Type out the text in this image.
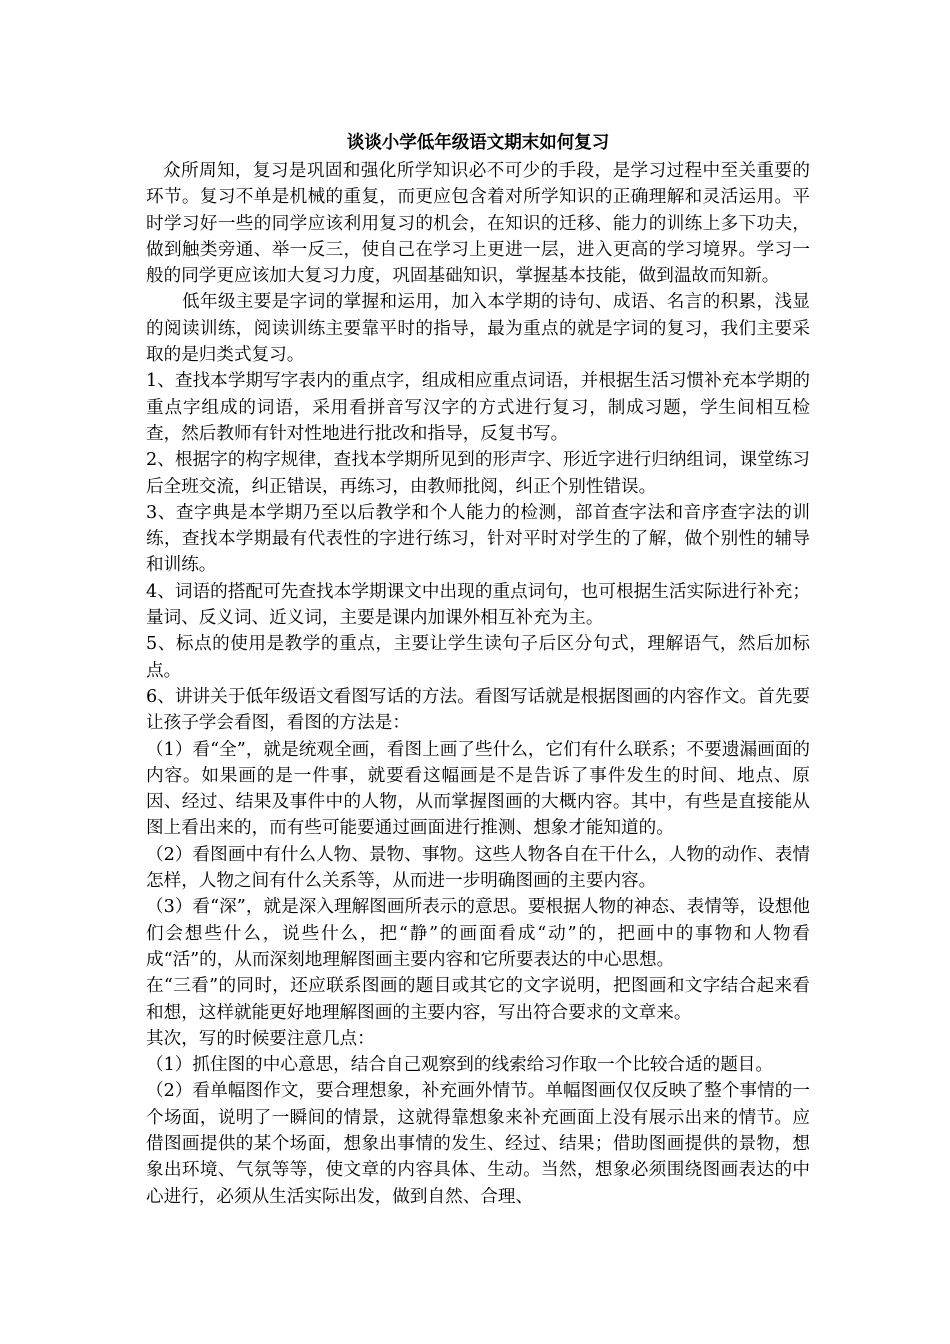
谈谈小学低年级语文期末如何复习

众所周知，复习是巩固和强化所学知识必不可少的手段，是学习过程中至关重要的环节。复习不单是机械的重复，而更应包含着对所学知识的正确理解和灵活运用。平时学习好一些的同学应该利用复习的机会，在知识的迁移、能力的训练上多下功夫，做到触类旁通、举一反三，使自己在学习上更进一层，进入更高的学习境界。学习一般的同学更应该加大复习力度，巩固基础知识，掌握基本技能，做到温故而知新。

低年级主要是字词的掌握和运用，加入本学期的诗句、成语、名言的积累，浅显的阅读训练，阅读训练主要靠平时的指导，最为重点的就是字词的复习，我们主要采取的是归类式复习。

1、查找本学期写字表内的重点字，组成相应重点词语，并根据生活习惯补充本学期的重点字组成的词语，采用看拼音写汉字的方式进行复习，制成习题，学生间相互检查，然后教师有针对性地进行批改和指导，反复书写。

2、根据字的构字规律，查找本学期所见到的形声字、形近字进行归纳组词，课堂练习后全班交流，纠正错误，再练习，由教师批阅，纠正个别性错误。

3、查字典是本学期乃至以后教学和个人能力的检测，部首查字法和音序查字法的训练，查找本学期最有代表性的字进行练习，针对平时对学生的了解，做个别性的辅导和训练。

4、词语的搭配可先查找本学期课文中出现的重点词句，也可根据生活实际进行补充；量词、反义词、近义词，主要是课内加课外相互补充为主。

5、标点的使用是教学的重点，主要让学生读句子后区分句式，理解语气，然后加标点。

6、讲讲关于低年级语文看图写话的方法。看图写话就是根据图画的内容作文。首先要让孩子学会看图，看图的方法是：

（1）看“全”，就是统观全画，看图上画了些什么，它们有什么联系；不要遗漏画面的内容。如果画的是一件事，就要看这幅画是不是告诉了事件发生的时间、地点、原因、经过、结果及事件中的人物，从而掌握图画的大概内容。其中，有些是直接能从图上看出来的，而有些可能要通过画面进行推测、想象才能知道的。

（2）看图画中有什么人物、景物、事物。这些人物各自在干什么，人物的动作、表情怎样，人物之间有什么关系等，从而进一步明确图画的主要内容。

（3）看“深”，就是深入理解图画所表示的意思。要根据人物的神态、表情等，设想他们会想些什么，说些什么，把“静”的画面看成“动”的，把画中的事物和人物看成“活”的，从而深刻地理解图画主要内容和它所要表达的中心思想。

在“三看”的同时，还应联系图画的题目或其它的文字说明，把图画和文字结合起来看和想，这样就能更好地理解图画的主要内容，写出符合要求的文章来。

其次，写的时候要注意几点：

（1）抓住图的中心意思，结合自己观察到的线索给习作取一个比较合适的题目。

（2）看单幅图作文，要合理想象，补充画外情节。单幅图画仅仅反映了整个事情的一个场面，说明了一瞬间的情景，这就得靠想象来补充画面上没有展示出来的情节。应借图画提供的某个场面，想象出事情的发生、经过、结果；借助图画提供的景物，想象出环境、气氛等等，使文章的内容具体、生动。当然，想象必须围绕图画表达的中心进行，必须从生活实际出发，做到自然、合理、
